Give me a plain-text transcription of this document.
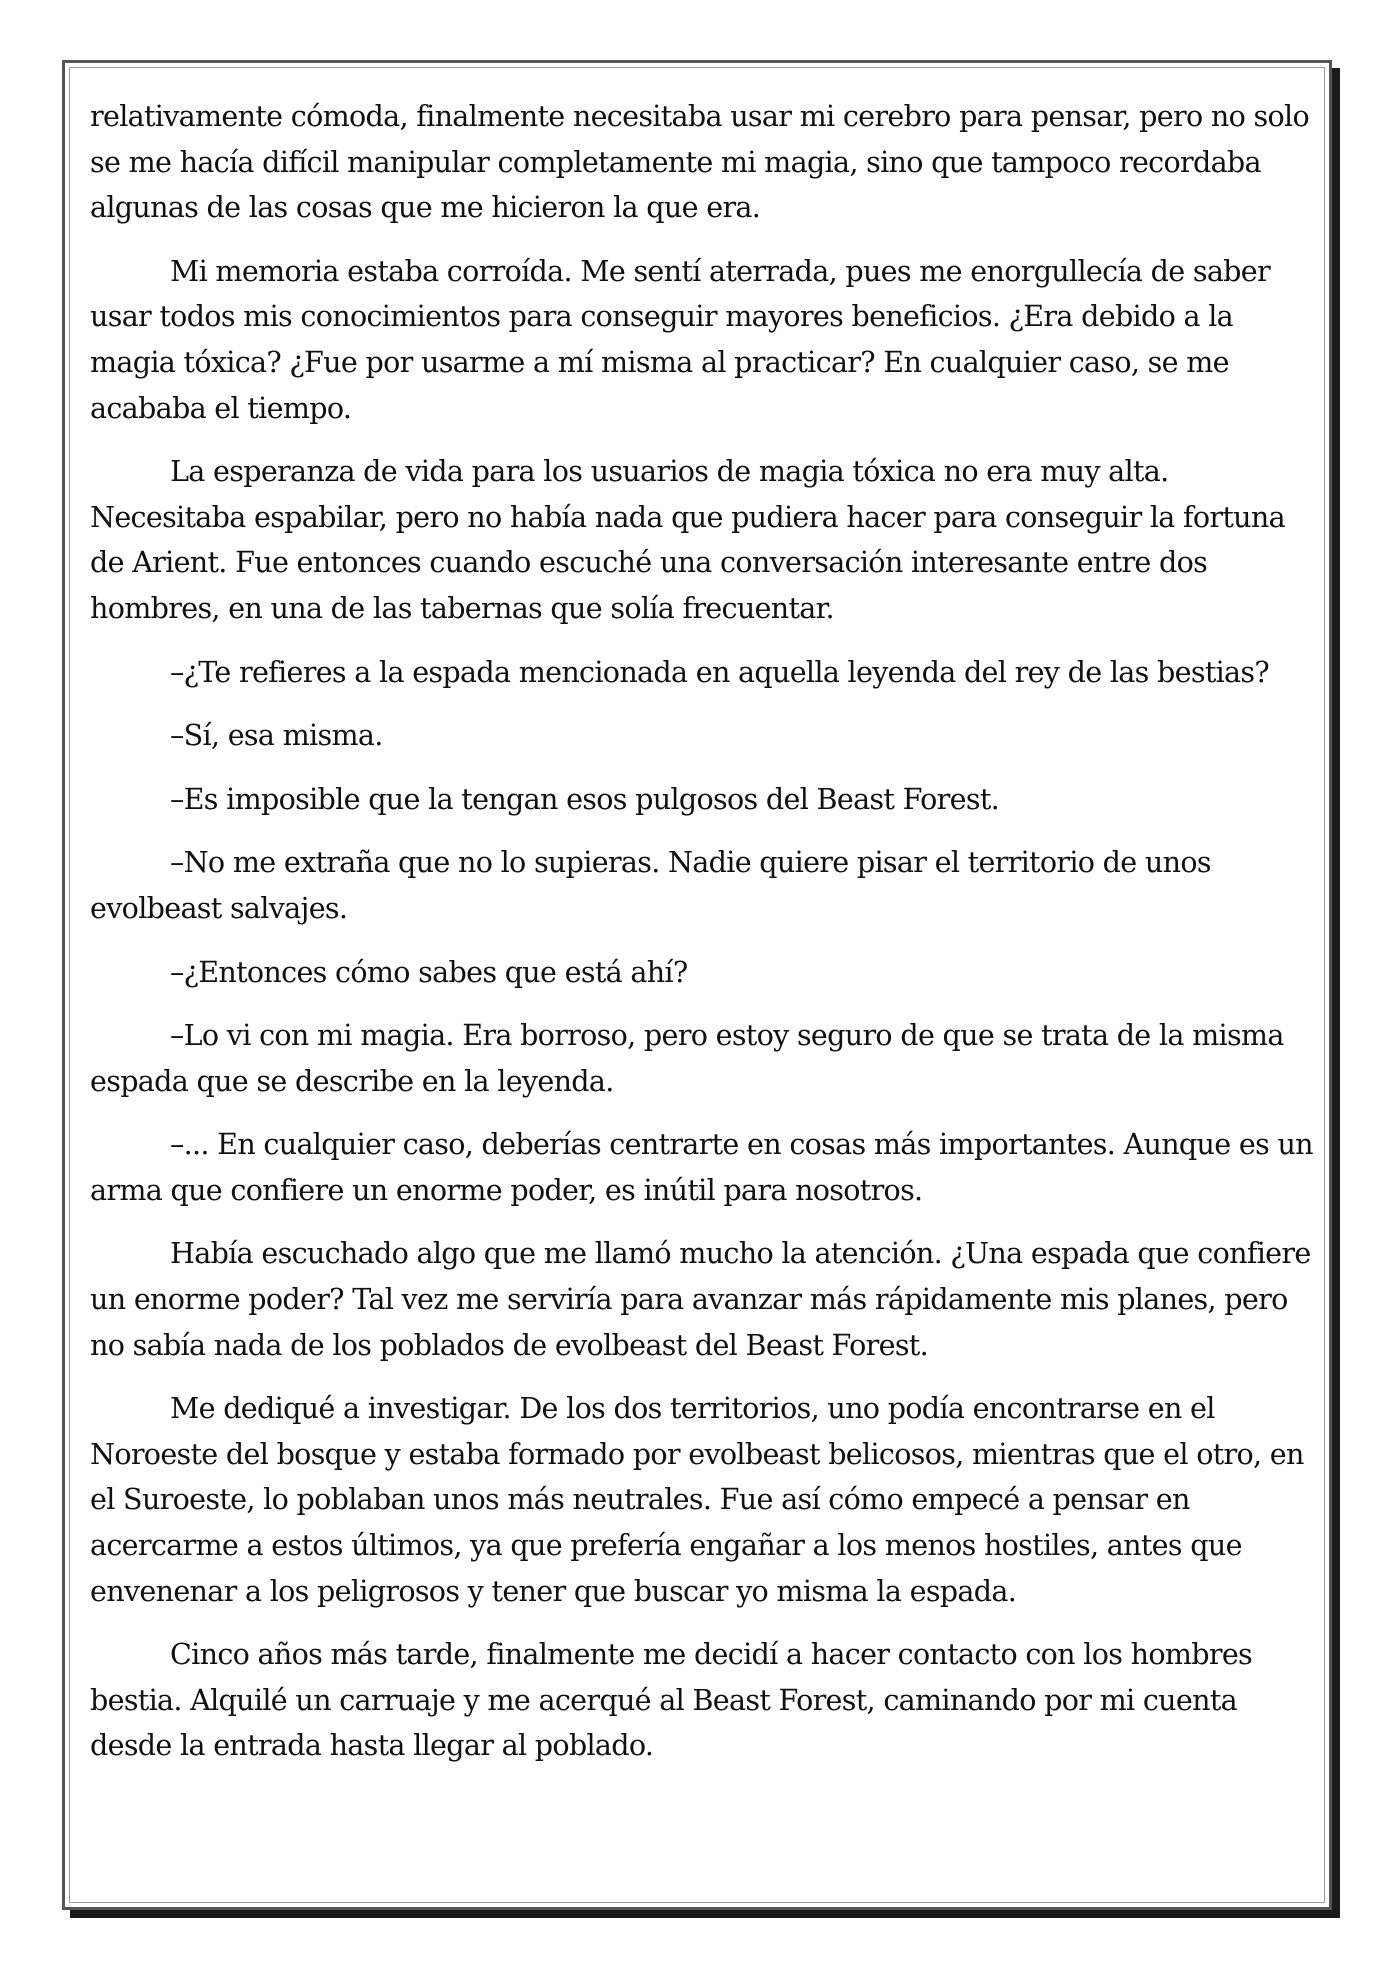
relativamente cómoda, finalmente necesitaba usar mi cerebro para pensar, pero no solo se me hacía difícil manipular completamente mi magia, sino que tampoco recordaba algunas de las cosas que me hicieron la que era.

Mi memoria estaba corroída. Me sentí aterrada, pues me enorgullecía de saber usar todos mis conocimientos para conseguir mayores beneficios. ¿Era debido a la magia tóxica? ¿Fue por usarme a mí misma al practicar? En cualquier caso, se me acababa el tiempo.

La esperanza de vida para los usuarios de magia tóxica no era muy alta. Necesitaba espabilar, pero no había nada que pudiera hacer para conseguir la fortuna de Arient. Fue entonces cuando escuché una conversación interesante entre dos hombres, en una de las tabernas que solía frecuentar.

–¿Te refieres a la espada mencionada en aquella leyenda del rey de las bestias?

–Sí, esa misma.

–Es imposible que la tengan esos pulgosos del Beast Forest.

–No me extraña que no lo supieras. Nadie quiere pisar el territorio de unos evolbeast salvajes.

–¿Entonces cómo sabes que está ahí?

–Lo vi con mi magia. Era borroso, pero estoy seguro de que se trata de la misma espada que se describe en la leyenda.

–... En cualquier caso, deberías centrarte en cosas más importantes. Aunque es un arma que confiere un enorme poder, es inútil para nosotros.

Había escuchado algo que me llamó mucho la atención. ¿Una espada que confiere un enorme poder? Tal vez me serviría para avanzar más rápidamente mis planes, pero no sabía nada de los poblados de evolbeast del Beast Forest.

Me dediqué a investigar. De los dos territorios, uno podía encontrarse en el Noroeste del bosque y estaba formado por evolbeast belicosos, mientras que el otro, en el Suroeste, lo poblaban unos más neutrales. Fue así cómo empecé a pensar en acercarme a estos últimos, ya que prefería engañar a los menos hostiles, antes que envenenar a los peligrosos y tener que buscar yo misma la espada.

Cinco años más tarde, finalmente me decidí a hacer contacto con los hombres bestia. Alquilé un carruaje y me acerqué al Beast Forest, caminando por mi cuenta desde la entrada hasta llegar al poblado.
